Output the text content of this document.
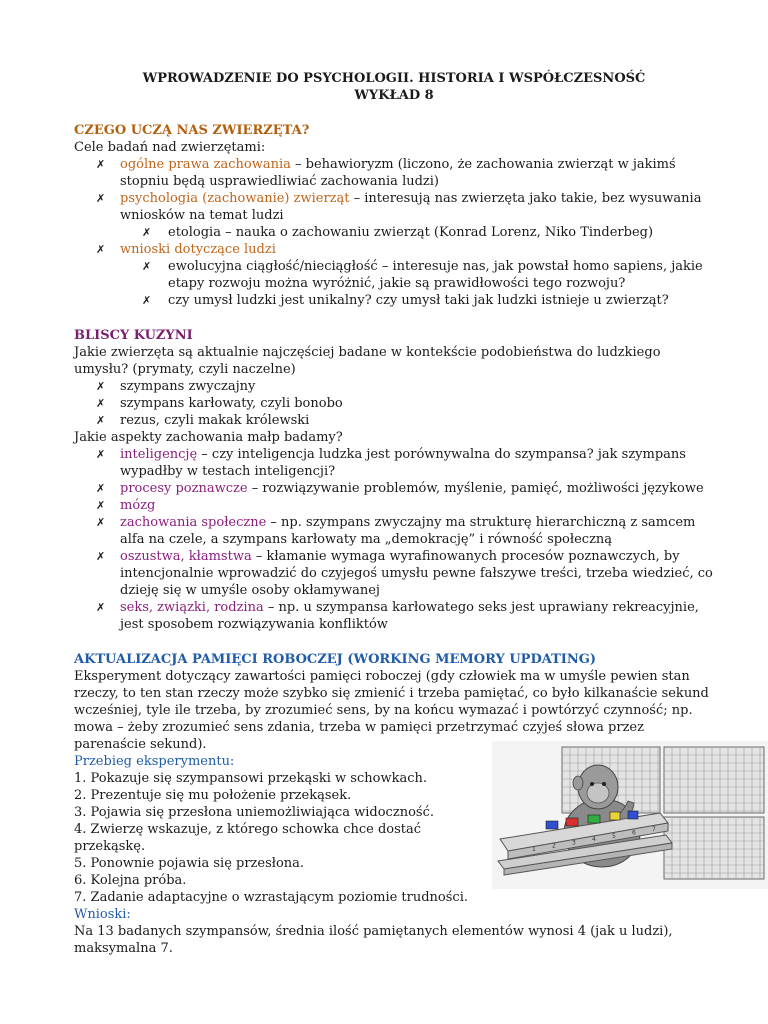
WPROWADZENIE DO PSYCHOLOGII. HISTORIA I WSPÓŁCZESNOŚĆ
WYKŁAD 8
CZEGO UCZĄ NAS ZWIERZĘTA?
Cele badań nad zwierzętami:
✗ ogólne prawa zachowania – behawioryzm (liczono, że zachowania zwierząt w jakimś stopniu będą usprawiedliwiać zachowania ludzi)
✗ psychologia (zachowanie) zwierząt – interesują nas zwierzęta jako takie, bez wysuwania wniosków na temat ludzi
✗ etologia – nauka o zachowaniu zwierząt (Konrad Lorenz, Niko Tinderbeg)
✗ wnioski dotyczące ludzi
✗ ewolucyjna ciągłość/nieciągłość – interesuje nas, jak powstał homo sapiens, jakie etapy rozwoju można wyróżnić, jakie są prawidłowości tego rozwoju?
✗ czy umysł ludzki jest unikalny? czy umysł taki jak ludzki istnieje u zwierząt?
BLISCY KUZYNI
Jakie zwierzęta są aktualnie najczęściej badane w kontekście podobieństwa do ludzkiego umysłu? (prymaty, czyli naczelne)
✗ szympans zwyczajny
✗ szympans karłowaty, czyli bonobo
✗ rezus, czyli makak królewski
Jakie aspekty zachowania małp badamy?
✗ inteligencję – czy inteligencja ludzka jest porównywalna do szympansa? jak szympans wypadłby w testach inteligencji?
✗ procesy poznawcze – rozwiązywanie problemów, myślenie, pamięć, możliwości językowe
✗ mózg
✗ zachowania społeczne – np. szympans zwyczajny ma strukturę hierarchiczną z samcem alfa na czele, a szympans karłowaty ma „demokrację” i równość społeczną
✗ oszustwa, kłamstwa – kłamanie wymaga wyrafinowanych procesów poznawczych, by intencjonalnie wprowadzić do czyjegoś umysłu pewne fałszywe treści, trzeba wiedzieć, co dzieję się w umyśle osoby okłamywanej
✗ seks, związki, rodzina – np. u szympansa karłowatego seks jest uprawiany rekreacyjnie, jest sposobem rozwiązywania konfliktów
AKTUALIZACJA PAMIĘCI ROBOCZEJ (WORKING MEMORY UPDATING)
Eksperyment dotyczący zawartości pamięci roboczej (gdy człowiek ma w umyśle pewien stan rzeczy, to ten stan rzeczy może szybko się zmienić i trzeba pamiętać, co było kilkanaście sekund wcześniej, tyle ile trzeba, by zrozumieć sens, by na końcu wymazać i powtórzyć czynność; np. mowa – żeby zrozumieć sens zdania, trzeba w pamięci przetrzymać czyjeś słowa przez parenaście sekund).
Przebieg eksperymentu:
1. Pokazuje się szympansowi przekąski w schowkach.
2. Prezentuje się mu położenie przekąsek.
3. Pojawia się przesłona uniemożliwiająca widoczność.
4. Zwierzę wskazuje, z którego schowka chce dostać przekąskę.
5. Ponownie pojawia się przesłona.
6. Kolejna próba.
7. Zadanie adaptacyjne o wzrastającym poziomie trudności.
Wnioski:
Na 13 badanych szympansów, średnia ilość pamiętanych elementów wynosi 4 (jak u ludzi), maksymalna 7.
1	2	3	4	5	6	7
